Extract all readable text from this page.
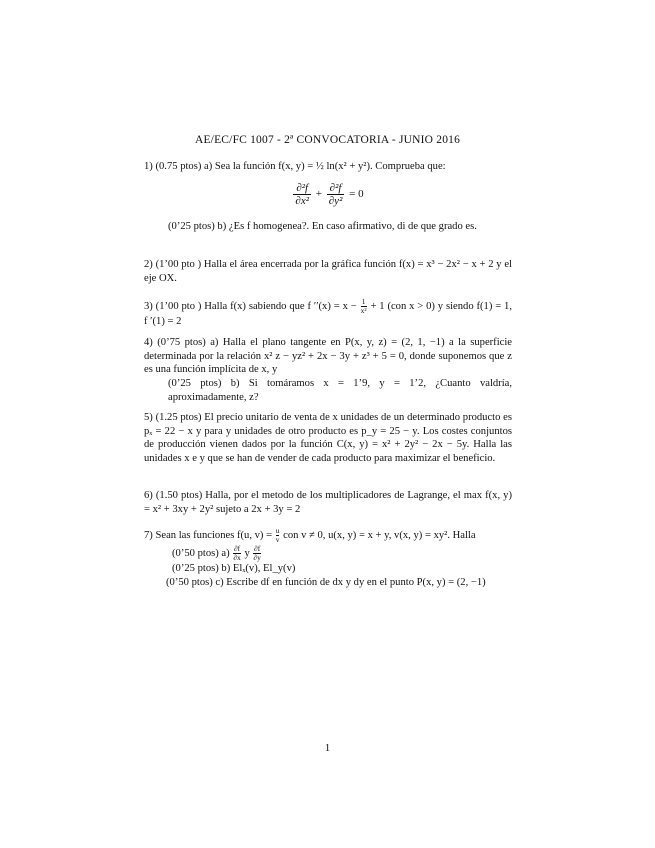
AE/EC/FC 1007 - 2ª CONVOCATORIA - JUNIO 2016
1) (0.75 ptos) a) Sea la función f(x, y) = ½ ln(x² + y²). Comprueba que:
$\frac{\text{∂²f}}{\text{∂x²}} + \frac{\text{∂²f}}{\text{∂y²}} = 0$
(0’25 ptos) b) ¿Es f homogenea?. En caso afirmativo, di de que grado es.
2) (1’00 pto ) Halla el área encerrada por la gráfica función f(x) = x³ − 2x² − x + 2 y el eje OX.
3) (1’00 pto ) Halla f(x) sabiendo que f $''(x) = x - \frac{1}{\text{x²}} + 1$ (con x > 0) y siendo f(1) = 1, f ′(1) = 2
4) (0’75 ptos) a) Halla el plano tangente en P(x, y, z) = (2, 1, −1) a la superficie determinada por la relación x² z − yz² + 2x − 3y + z³ + 5 = 0, donde suponemos que z es una función implícita de x, y
(0’25 ptos) b) Si tomáramos x = 1’9, y = 1’2, ¿Cuanto valdría, aproximadamente, z?
5) (1.25 ptos) El precio unitario de venta de x unidades de un determinado producto es pₓ = 22 − x y para y unidades de otro producto es p_y = 25 − y. Los costes conjuntos de producción vienen dados por la función C(x, y) = x² + 2y² − 2x − 5y. Halla las unidades x e y que se han de vender de cada producto para maximizar el beneficio.
6) (1.50 ptos) Halla, por el metodo de los multiplicadores de Lagrange, el max f(x, y) = x² + 3xy + 2y² sujeto a 2x + 3y = 2
7) Sean las funciones f(u, $v) = \frac{u}{v}$ con v ≠ 0, u(x, y) = x + y, v(x, y) = xy². Halla
(0’50 ptos) $a) \frac{\partial f}{\partial x}$ y $\frac{\partial f}{\partial y}$
(0’25 ptos) b) Elₓ(v), El_y(v)
(0’50 ptos) c) Escribe df en función de dx y dy en el punto P(x, y) = (2, −1)
1
